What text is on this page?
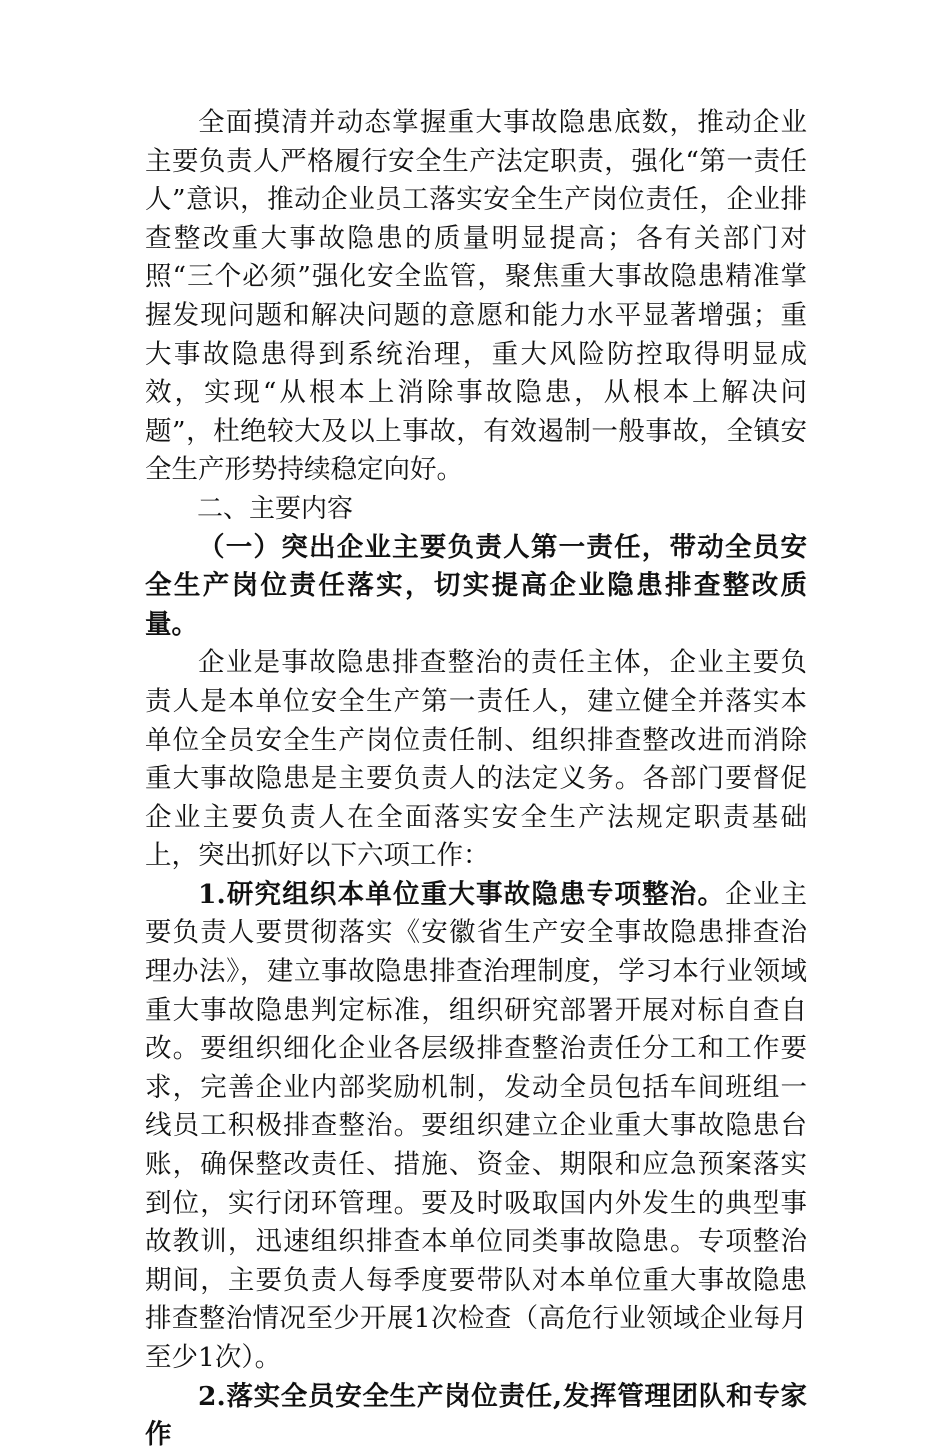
全面摸清并动态掌握重大事故隐患底数，推动企业主要负责人严格履行安全生产法定职责，强化“第一责任人”意识，推动企业员工落实安全生产岗位责任，企业排查整改重大事故隐患的质量明显提高；各有关部门对照“三个必须”强化安全监管，聚焦重大事故隐患精准掌握发现问题和解决问题的意愿和能力水平显著增强；重大事故隐患得到系统治理，重大风险防控取得明显成效，实现“从根本上消除事故隐患，从根本上解决问题”，杜绝较大及以上事故，有效遏制一般事故，全镇安全生产形势持续稳定向好。

二、主要内容

（一）突出企业主要负责人第一责任，带动全员安全生产岗位责任落实，切实提高企业隐患排查整改质量。

企业是事故隐患排查整治的责任主体，企业主要负责人是本单位安全生产第一责任人，建立健全并落实本单位全员安全生产岗位责任制、组织排查整改进而消除重大事故隐患是主要负责人的法定义务。各部门要督促企业主要负责人在全面落实安全生产法规定职责基础上，突出抓好以下六项工作：

1.研究组织本单位重大事故隐患专项整治。企业主要负责人要贯彻落实《安徽省生产安全事故隐患排查治理办法》，建立事故隐患排查治理制度，学习本行业领域重大事故隐患判定标准，组织研究部署开展对标自查自改。要组织细化企业各层级排查整治责任分工和工作要求，完善企业内部奖励机制，发动全员包括车间班组一线员工积极排查整治。要组织建立企业重大事故隐患台账，确保整改责任、措施、资金、期限和应急预案落实到位，实行闭环管理。要及时吸取国内外发生的典型事故教训，迅速组织排查本单位同类事故隐患。专项整治期间，主要负责人每季度要带队对本单位重大事故隐患排查整治情况至少开展1次检查（高危行业领域企业每月至少1次）。

2.落实全员安全生产岗位责任,发挥管理团队和专家作
